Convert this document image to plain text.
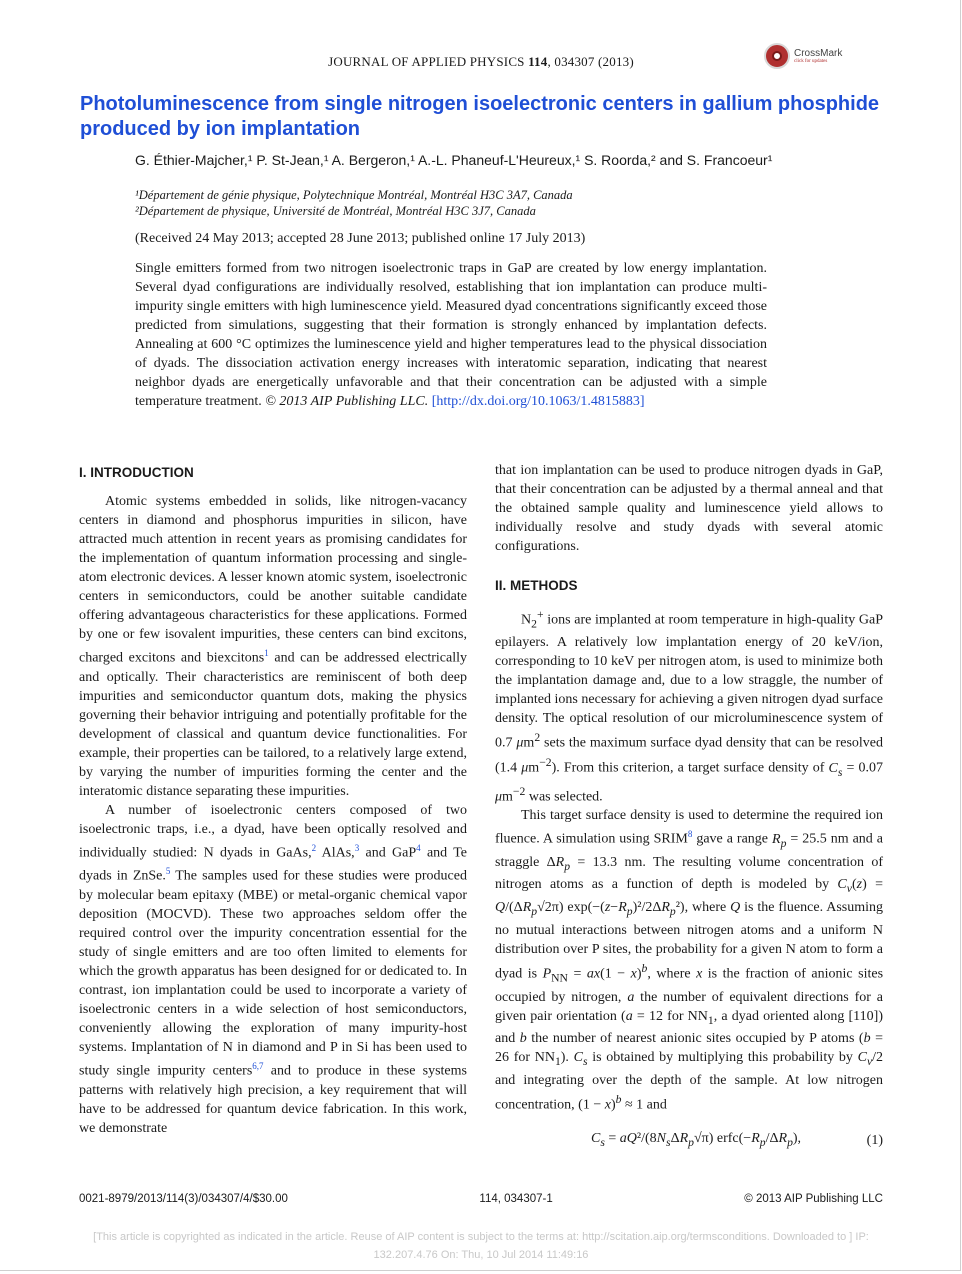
JOURNAL OF APPLIED PHYSICS 114, 034307 (2013)
CrossMark
click for updates
Photoluminescence from single nitrogen isoelectronic centers in gallium phosphide produced by ion implantation
G. Éthier-Majcher,¹ P. St-Jean,¹ A. Bergeron,¹ A.-L. Phaneuf-L'Heureux,¹ S. Roorda,² and S. Francoeur¹
¹Département de génie physique, Polytechnique Montréal, Montréal H3C 3A7, Canada
²Département de physique, Université de Montréal, Montréal H3C 3J7, Canada
(Received 24 May 2013; accepted 28 June 2013; published online 17 July 2013)

Single emitters formed from two nitrogen isoelectronic traps in GaP are created by low energy implantation. Several dyad configurations are individually resolved, establishing that ion implantation can produce multi-impurity single emitters with high luminescence yield. Measured dyad concentrations significantly exceed those predicted from simulations, suggesting that their formation is strongly enhanced by implantation defects. Annealing at 600 °C optimizes the luminescence yield and higher temperatures lead to the physical dissociation of dyads. The dissociation activation energy increases with interatomic separation, indicating that nearest neighbor dyads are energetically unfavorable and that their concentration can be adjusted with a simple temperature treatment. © 2013 AIP Publishing LLC. [http://dx.doi.org/10.1063/1.4815883]

I. INTRODUCTION

Atomic systems embedded in solids, like nitrogen-vacancy centers in diamond and phosphorus impurities in silicon, have attracted much attention in recent years as promising candidates for the implementation of quantum information processing and single-atom electronic devices. A lesser known atomic system, isoelectronic centers in semiconductors, could be another suitable candidate offering advantageous characteristics for these applications. Formed by one or few isovalent impurities, these centers can bind excitons, charged excitons and biexcitons$^1$ and can be addressed electrically and optically. Their characteristics are reminiscent of both deep impurities and semiconductor quantum dots, making the physics governing their behavior intriguing and potentially profitable for the development of classical and quantum device functionalities. For example, their properties can be tailored, to a relatively large extend, by varying the number of impurities forming the center and the interatomic distance separating these impurities.

A number of isoelectronic centers composed of two isoelectronic traps, i.e., a dyad, have been optically resolved and individually studied: N dyads in GaAs,$^2$ AlAs,$^3$ and GaP$^4$ and Te dyads in ZnSe.$^5$ The samples used for these studies were produced by molecular beam epitaxy (MBE) or metal-organic chemical vapor deposition (MOCVD). These two approaches seldom offer the required control over the impurity concentration essential for the study of single emitters and are too often limited to elements for which the growth apparatus has been designed for or dedicated to. In contrast, ion implantation could be used to incorporate a variety of isoelectronic centers in a wide selection of host semiconductors, conveniently allowing the exploration of many impurity-host systems. Implantation of N in diamond and P in Si has been used to study single impurity centers$^{6,7}$ and to produce in these systems patterns with relatively high precision, a key requirement that will have to be addressed for quantum device fabrication. In this work, we demonstrate

that ion implantation can be used to produce nitrogen dyads in GaP, that their concentration can be adjusted by a thermal anneal and that the obtained sample quality and luminescence yield allows to individually resolve and study dyads with several atomic configurations.

II. METHODS

$N_2^+$ ions are implanted at room temperature in high-quality GaP epilayers. A relatively low implantation energy of 20 keV/ion, corresponding to 10 keV per nitrogen atom, is used to minimize both the implantation damage and, due to a low straggle, the number of implanted ions necessary for achieving a given nitrogen dyad surface density. The optical resolution of our microluminescence system of 0.7 $\mu m^2$ sets the maximum surface dyad density that can be resolved (1.4 $\mu m^{-2}$). From this criterion, a target surface density of $C_s = 0.07$ $\mu m^{-2}$ was selected.

This target surface density is used to determine the required ion fluence. A simulation using SRIM$^8$ gave a range $R_p = 25.5$ nm and a straggle $\Delta R_p = 13.3$ nm. The resulting volume concentration of nitrogen atoms as a function of depth is modeled by $C_v(z) = Q/(\Delta R_p√2\pi)$ $\exp(-(z-R_p)^2/2\Delta R_p^2)$, where Q is the fluence. Assuming no mutual interactions between nitrogen atoms and a uniform N distribution over P sites, the probability for a given N atom to form a dyad is $P_{NN} = ax(1 - x)^b$, where x is the fraction of anionic sites occupied by nitrogen, a the number of equivalent directions for a given pair orientation (a = 12 for $NN_1$, a dyad oriented along [110]) and b the number of nearest anionic sites occupied by P atoms (b = 26 for $NN_1$). $C_s$ is obtained by multiplying this probability by $C_v/2$ and integrating over the depth of the sample. At low nitrogen concentration, $(1 - x)^b \approx 1$ and

$C_s = aQ^2/(8N_s\Delta R_p√\pi)$ $erfc(-R_p/\Delta R_p)$,	(1)
0021-8979/2013/114(3)/034307/4/$30.00	114, 034307-1	© 2013 AIP Publishing LLC
[This article is copyrighted as indicated in the article. Reuse of AIP content is subject to the terms at: http://scitation.aip.org/termsconditions. Downloaded to ] IP:
132.207.4.76 On: Thu, 10 Jul 2014 11:49:16
